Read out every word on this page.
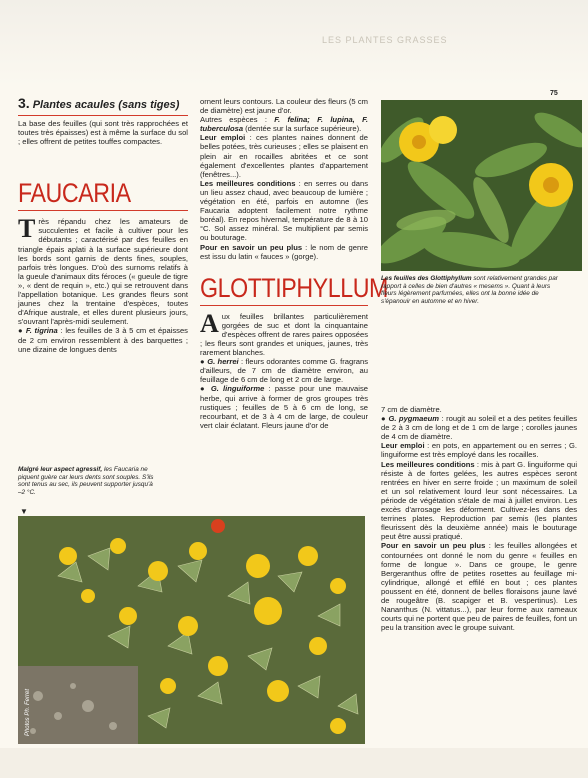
LES PLANTES GRASSES
75
3. Plantes acaules (sans tiges)

La base des feuilles (qui sont très rapprochées et toutes très épaisses) est à même la surface du sol ; elles offrent de petites touffes compactes.

FAUCARIA

Très répandu chez les amateurs de succulentes et facile à cultiver pour les débutants ; caractérisé par des feuilles en triangle épais aplati à la surface supérieure dont les bords sont garnis de dents fines, souples, parfois très longues. D'où des surnoms relatifs à la gueule d'animaux dits féroces (« gueule de tigre », « dent de requin », etc.) qui se retrouvent dans l'appellation botanique. Les grandes fleurs sont jaunes chez la trentaine d'espèces, toutes d'Afrique australe, et elles durent plusieurs jours, s'ouvrant l'après-midi seulement.

● F. tigrina : les feuilles de 3 à 5 cm et épaisses de 2 cm environ ressemblent à des barquettes ; une dizaine de longues dents

Malgré leur aspect agressif, les Faucaria ne piquent guère car leurs dents sont souples. S'ils sont tenus au sec, ils peuvent supporter jusqu'à –2 °C.
▼

ornent leurs contours. La couleur des fleurs (5 cm de diamètre) est jaune d'or.

Autres espèces : F. felina; F. lupina, F. tuberculosa (dentée sur la surface supérieure).

Leur emploi : ces plantes naines donnent de belles potées, très curieuses ; elles se plaisent en plein air en rocailles abritées et ce sont également d'excellentes plantes d'appartement (fenêtres...).

Les meilleures conditions : en serres ou dans un lieu assez chaud, avec beaucoup de lumière ; végétation en été, parfois en automne (les Faucaria adoptent facilement notre rythme boréal). En repos hivernal, température de 8 à 10 °C. Sol assez minéral. Se multiplient par semis ou bouturage.

Pour en savoir un peu plus : le nom de genre est issu du latin « fauces » (gorge).

GLOTTIPHYLLUM

Aux feuilles brillantes particulièrement gorgées de suc et dont la cinquantaine d'espèces offrent de rares paires opposées ; les fleurs sont grandes et uniques, jaunes, très rarement blanches.

● G. herrei : fleurs odorantes comme G. fragrans d'ailleurs, de 7 cm de diamètre environ, au feuillage de 6 cm de long et 2 cm de large.

● G. linguiforme : passe pour une mauvaise herbe, qui arrive à former de gros groupes très rustiques ; feuilles de 5 à 6 cm de long, se recourbant, et de 3 à 4 cm de large, de couleur vert clair éclatant. Fleurs jaune d'or de

Les feuilles des Glottiphyllum sont relativement grandes par rapport à celles de bien d'autres « mesems ». Quant à leurs fleurs légèrement parfumées, elles ont la bonne idée de s'épanouir en automne et en hiver.

7 cm de diamètre.

● G. pygmaeum : rougit au soleil et a des petites feuilles de 2 à 3 cm de long et de 1 cm de large ; corolles jaunes de 4 cm de diamètre.

Leur emploi : en pots, en appartement ou en serres ; G. linguiforme est très employé dans les rocailles.

Les meilleures conditions : mis à part G. linguiforme qui résiste à de fortes gelées, les autres espèces seront rentrées en hiver en serre froide ; un maximum de soleil et un sol relativement lourd leur sont nécessaires. La période de végétation s'étale de mai à juillet environ. Les excès d'arrosage les déforment. Cultivez-les dans des terrines plates. Reproduction par semis (les plantes fleurissent dès la deuxième année) mais le bouturage peut être aussi pratiqué.

Pour en savoir un peu plus : les feuilles allongées et contournées ont donné le nom du genre « feuilles en forme de longue ». Dans ce groupe, le genre Bergeranthus offre de petites rosettes au feuillage mi-cylindrique, allongé et effilé en bout ; ces plantes poussent en été, donnent de belles floraisons jaune lavé de rougeâtre (B. scapiger et B. vespertinus). Les Nananthus (N. vittatus...), par leur forme aux rameaux courts qui ne portent que peu de paires de feuilles, font un peu la transition avec le groupe suivant.

Photos Ph. Ferret
